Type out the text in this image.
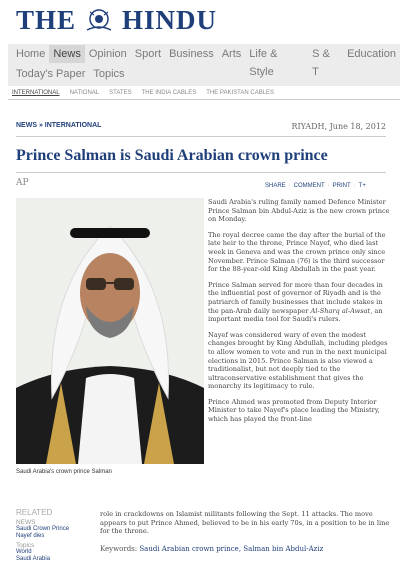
THE HINDU
Home News Opinion Sport Business Arts Life & Style
S & T
Education
Today's Paper Topics
INTERNATIONAL NATIONAL STATES THE INDIA CABLES THE PAKISTAN CABLES
NEWS » INTERNATIONAL	RIYADH, June 18, 2012
Prince Salman is Saudi Arabian crown prince
AP	SHARE · COMMENT · PRINT · T+
Saudi Arabia's crown prince Salman

Saudi Arabia's ruling family named Defence Minister Prince Salman bin Abdul-Aziz is the new crown prince on Monday.

The royal decree came the day after the burial of the late heir to the throne, Prince Nayef, who died last week in Geneva and was the crown prince only since November. Prince Salman (76) is the third successor for the 88-year-old King Abdullah in the past year.

Prince Salman served for more than four decades in the influential post of governor of Riyadh and is the patriarch of family businesses that include stakes in the pan-Arab daily newspaper Al-Sharq al-Awsat, an important media tool for Saudi's rulers.

Nayef was considered wary of even the modest changes brought by King Abdullah, including pledges to allow women to vote and run in the next municipal elections in 2015. Prince Salman is also viewed a traditionalist, but not deeply tied to the ultraconservative establishment that gives the monarchy its legitimacy to rule.

Prince Ahmed was promoted from Deputy Interior Minister to take Nayef's place leading the Ministry, which has played the front-line

role in crackdowns on Islamist militants following the Sept. 11 attacks. The move appears to put Prince Ahmed, believed to be in his early 70s, in a position to be in line for the throne.
RELATED
NEWS
Saudi Crown Prince
Nayef dies
Topics
World
Saudi Arabia
Keywords: Saudi Arabian crown prince, Salman bin Abdul-Aziz
